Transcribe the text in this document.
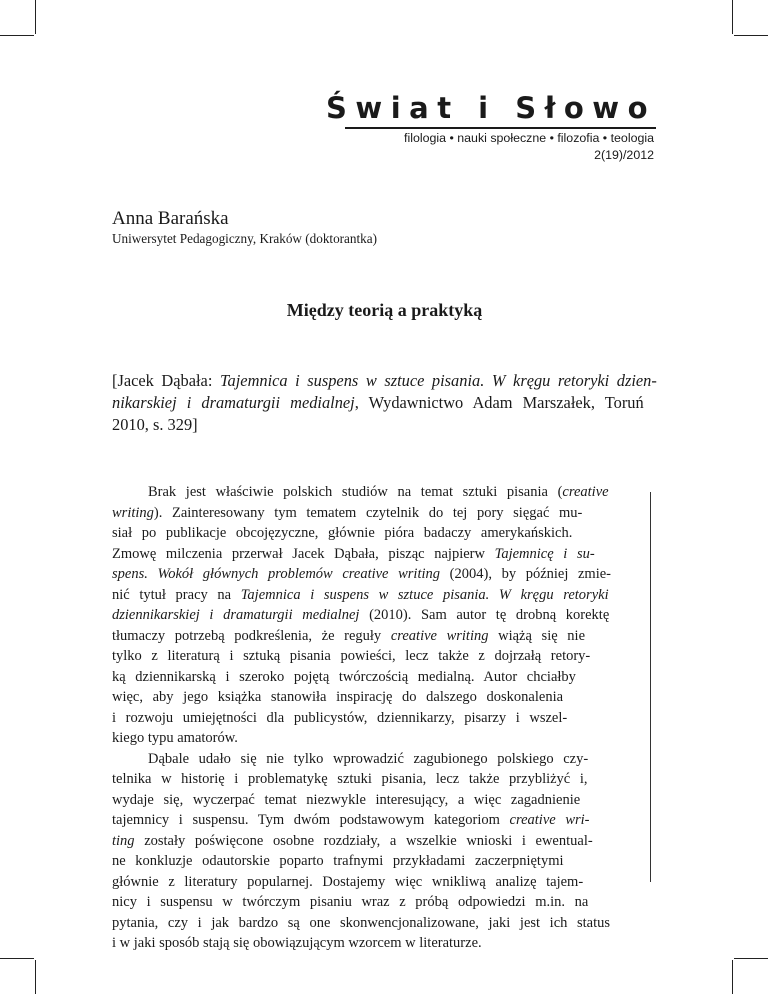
Świat i Słowo
filologia • nauki społeczne • filozofia • teologia
2(19)/2012
Anna Barańska
Uniwersytet Pedagogiczny, Kraków (doktorantka)
Między teorią a praktyką
[Jacek Dąbała: Tajemnica i suspens w sztuce pisania. W kręgu retoryki dzien-
nikarskiej i dramaturgii medialnej, Wydawnictwo Adam Marszałek, Toruń
2010, s. 329]
Brak jest właściwie polskich studiów na temat sztuki pisania (creative
writing). Zainteresowany tym tematem czytelnik do tej pory sięgać mu-
siał po publikacje obcojęzyczne, głównie pióra badaczy amerykańskich.
Zmowę milczenia przerwał Jacek Dąbała, pisząc najpierw Tajemnicę i su-
spens. Wokół głównych problemów creative writing (2004), by później zmie-
nić tytuł pracy na Tajemnica i suspens w sztuce pisania. W kręgu retoryki
dziennikarskiej i dramaturgii medialnej (2010). Sam autor tę drobną korektę
tłumaczy potrzebą podkreślenia, że reguły creative writing wiążą się nie
tylko z literaturą i sztuką pisania powieści, lecz także z dojrzałą retory-
ką dziennikarską i szeroko pojętą twórczością medialną. Autor chciałby
więc, aby jego książka stanowiła inspirację do dalszego doskonalenia
i rozwoju umiejętności dla publicystów, dziennikarzy, pisarzy i wszel-
kiego typu amatorów.
Dąbale udało się nie tylko wprowadzić zagubionego polskiego czy-
telnika w historię i problematykę sztuki pisania, lecz także przybliżyć i,
wydaje się, wyczerpać temat niezwykle interesujący, a więc zagadnienie
tajemnicy i suspensu. Tym dwóm podstawowym kategoriom creative wri-
ting zostały poświęcone osobne rozdziały, a wszelkie wnioski i ewentual-
ne konkluzje odautorskie poparto trafnymi przykładami zaczerpniętymi
głównie z literatury popularnej. Dostajemy więc wnikliwą analizę tajem-
nicy i suspensu w twórczym pisaniu wraz z próbą odpowiedzi m.in. na
pytania, czy i jak bardzo są one skonwencjonalizowane, jaki jest ich status
i w jaki sposób stają się obowiązującym wzorcem w literaturze.
